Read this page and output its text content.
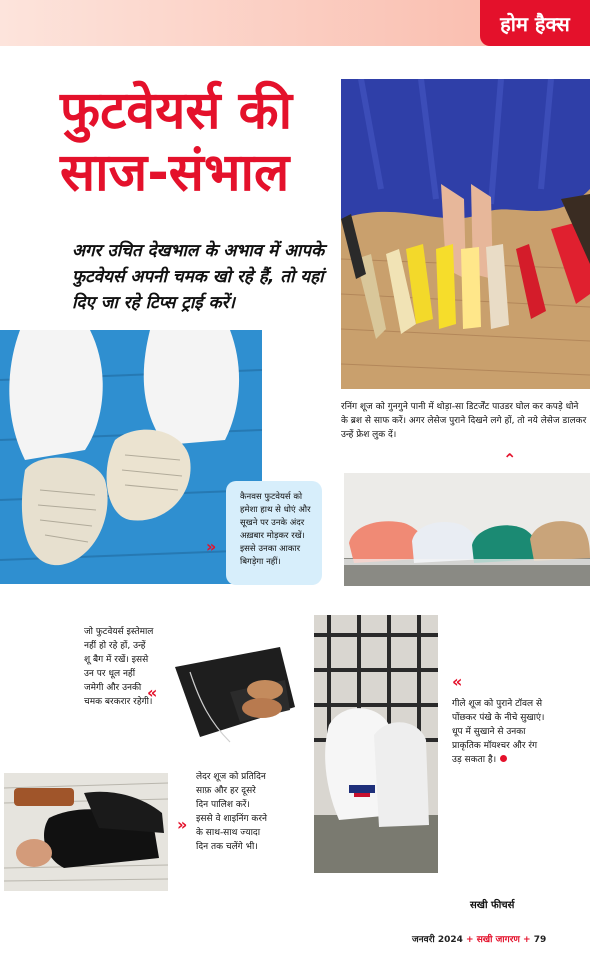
होम हैक्स
फुटवेयर्स की
साज-संभाल
अगर उचित देखभाल के अभाव में आपके फुटवेयर्स अपनी चमक खो रहे हैं, तो यहां दिए जा रहे टिप्स ट्राई करें।
रनिंग शूज को गुनगुने पानी में थोड़ा-सा डिटर्जेंट पाउडर घोल कर कपड़े धोने के ब्रश से साफ करें। अगर लेसेज पुराने दिखने लगे हों, तो नये लेसेज डालकर उन्हें फ्रेश लुक दें।
⌃
कैनवस फुटवेयर्स को हमेशा हाथ से धोएं और सूखने पर उनके अंदर अख़बार मोड़कर रखें। इससे उनका आकार बिगड़ेगा नहीं।
»
जो फुटवेयर्स इस्तेमाल नहीं हो रहे हों, उन्हें शू बैग में रखें। इससे उन पर धूल नहीं जमेगी और उनकी चमक बरकरार रहेगी।
«
«
गीले शूज को पुराने टॉवल से पोंछकर पंखे के नीचे सुखाएं। धूप में सुखाने से उनका प्राकृतिक मॉयश्चर और रंग उड़ सकता है।
लेदर शूज को प्रतिदिन साफ़ और हर दूसरे दिन पालिश करें। इससे वे शाइनिंग करने के साथ-साथ ज्यादा दिन तक चलेंगे भी।
»
सखी फीचर्स
जनवरी 2024 + सखी जागरण + 79
